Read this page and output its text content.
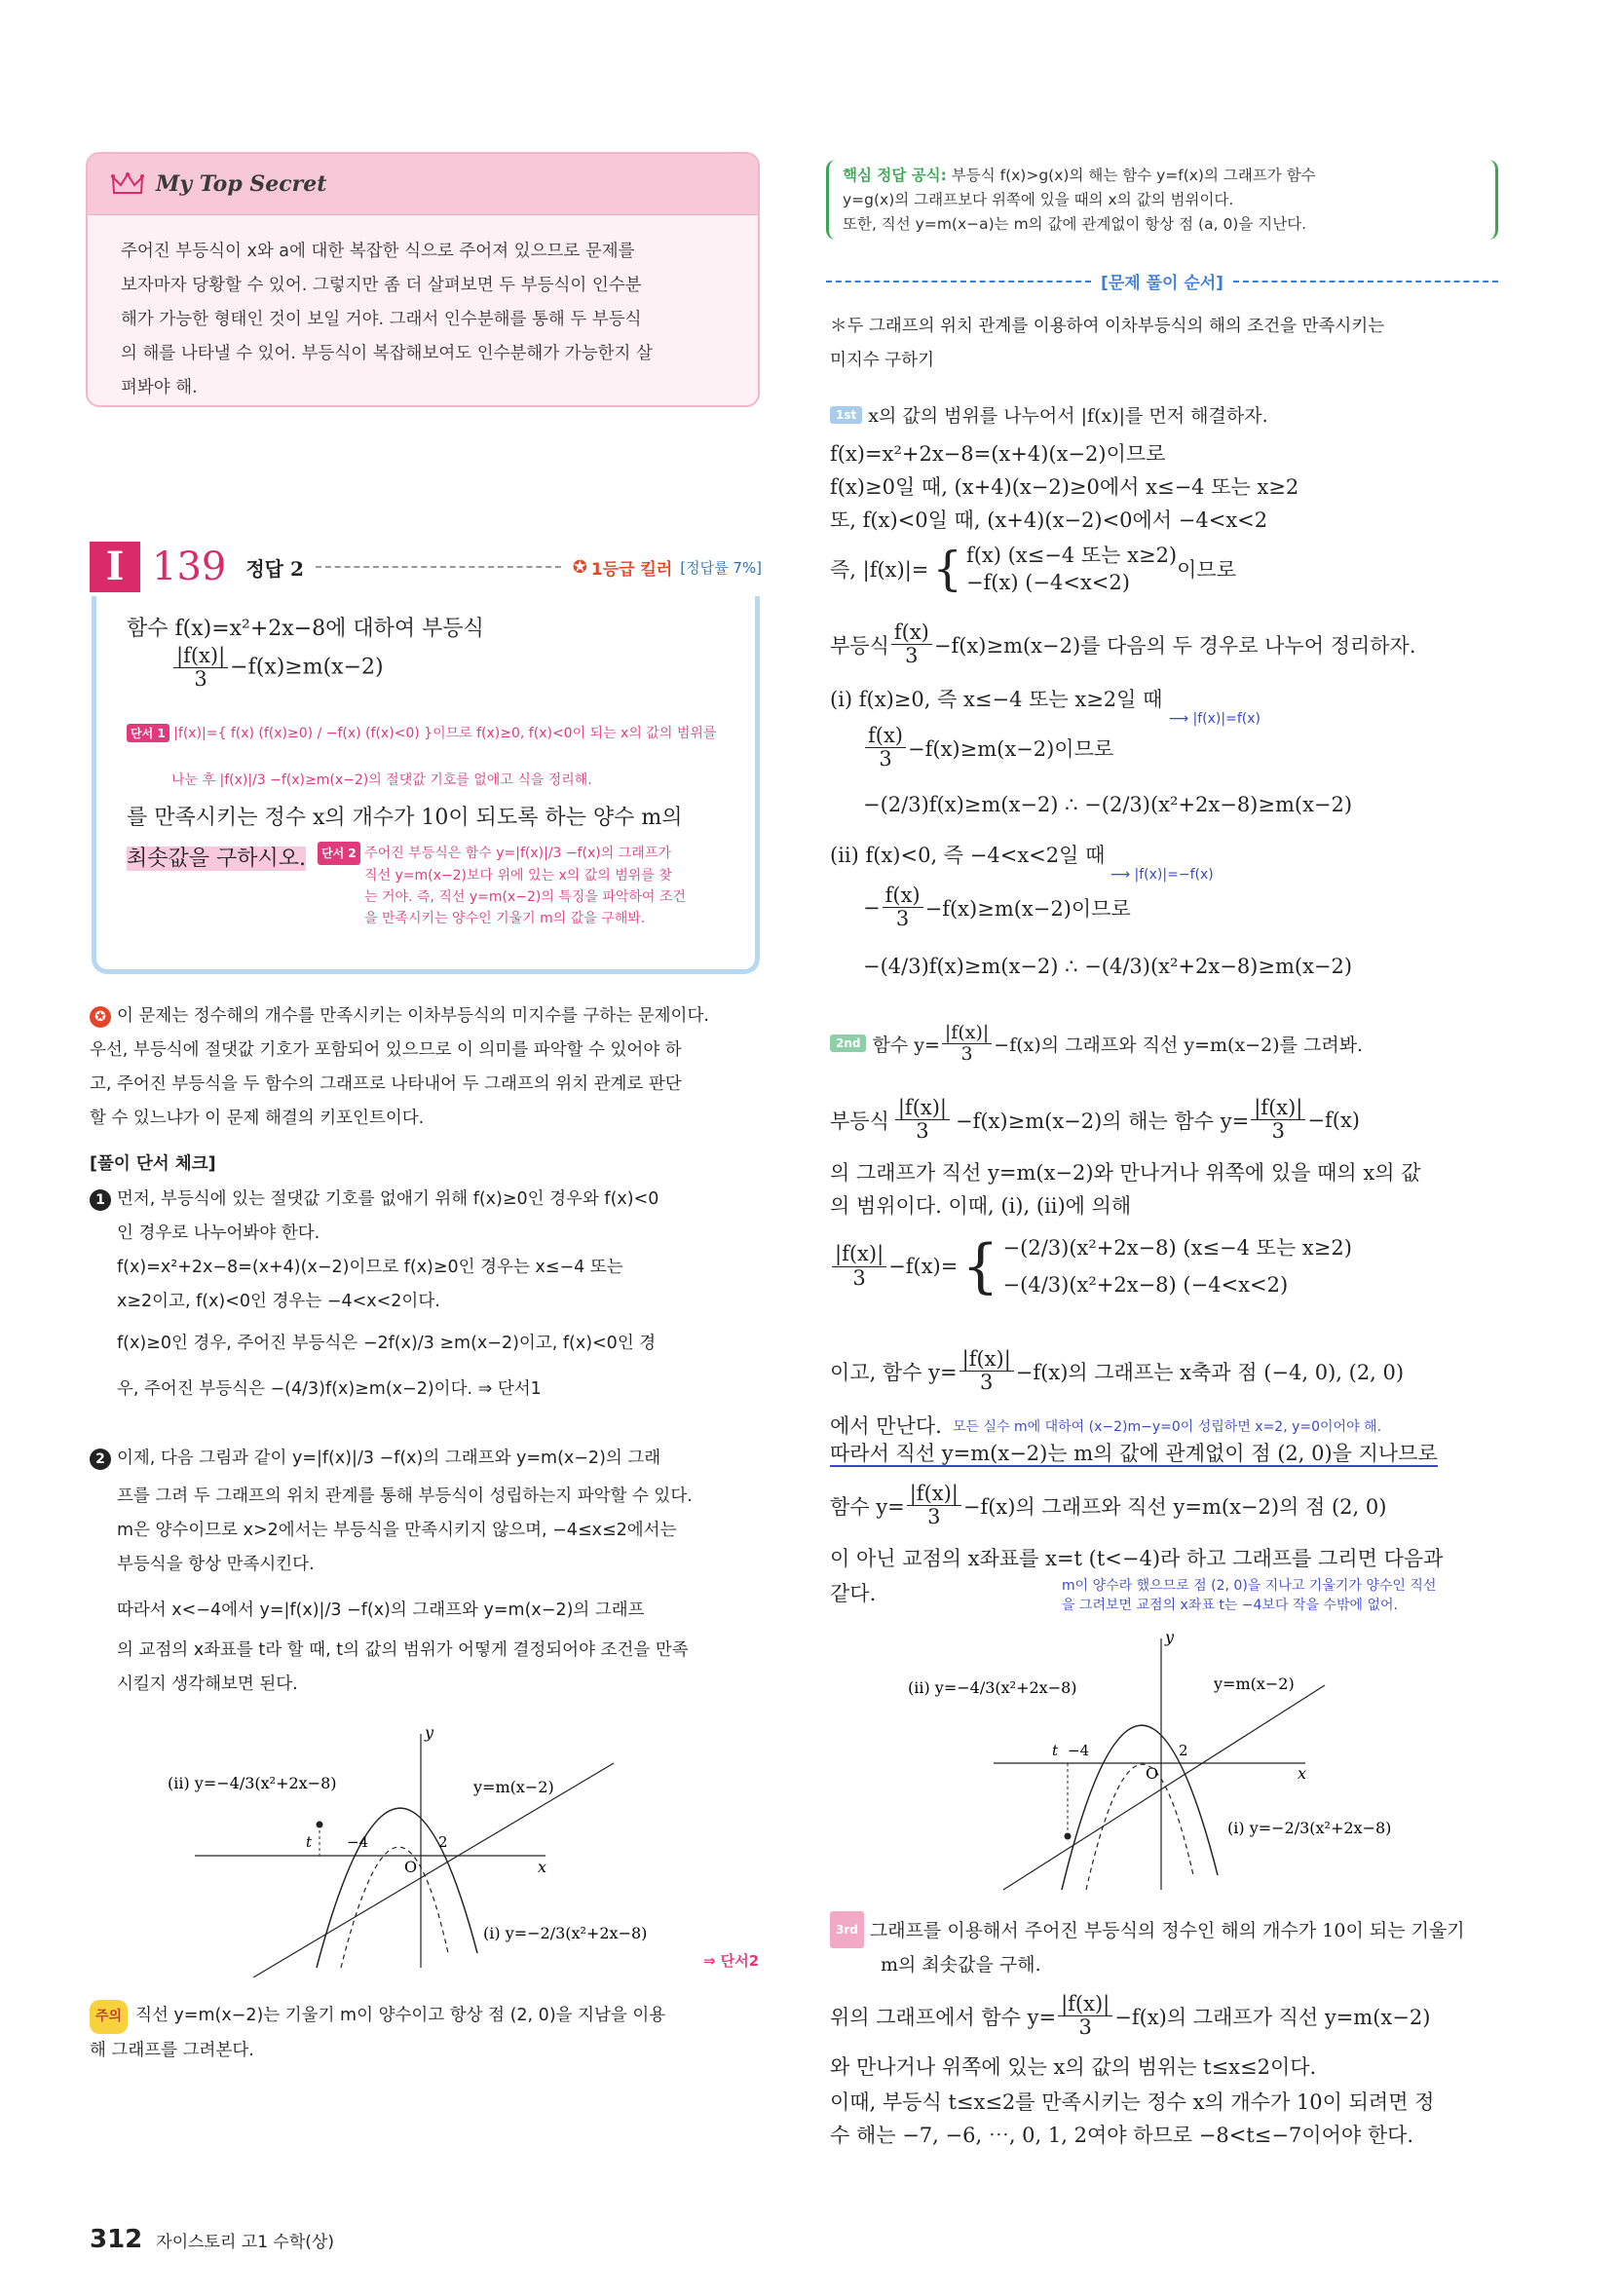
My Top Secret
주어진 부등식이 x와 a에 대한 복잡한 식으로 주어져 있으므로 문제를
보자마자 당황할 수 있어. 그렇지만 좀 더 살펴보면 두 부등식이 인수분
해가 가능한 형태인 것이 보일 거야. 그래서 인수분해를 통해 두 부등식
의 해를 나타낼 수 있어. 부등식이 복잡해보여도 인수분해가 가능한지 살
펴봐야 해.
I 139 정답 2	✪ 1등급 킬러 [정답률 7%]
함수 f(x)=x²+2x−8에 대하여 부등식
$\frac{|f(x)|}{3} -f(x)\ge m(x-2)$
단서 1 |f(x)|={ f(x) (f(x)≥0) / −f(x) (f(x)<0) }이므로 f(x)≥0, f(x)<0이 되는 x의 값의 범위를
나눈 후 |f(x)|/3 −f(x)≥m(x−2)의 절댓값 기호를 없애고 식을 정리해.
를 만족시키는 정수 x의 개수가 10이 되도록 하는 양수 m의
최솟값을 구하시오.	단서 2 주어진 부등식은 함수 y=|f(x)|/3 −f(x)의 그래프가
직선 y=m(x−2)보다 위에 있는 x의 값의 범위를 찾
는 거야. 즉, 직선 y=m(x−2)의 특징을 파악하여 조건
을 만족시키는 양수인 기울기 m의 값을 구해봐.
✪ 이 문제는 정수해의 개수를 만족시키는 이차부등식의 미지수를 구하는 문제이다.
우선, 부등식에 절댓값 기호가 포함되어 있으므로 이 의미를 파악할 수 있어야 하
고, 주어진 부등식을 두 함수의 그래프로 나타내어 두 그래프의 위치 관계로 판단
할 수 있느냐가 이 문제 해결의 키포인트이다.
[풀이 단서 체크]
1 먼저, 부등식에 있는 절댓값 기호를 없애기 위해 f(x)≥0인 경우와 f(x)<0
인 경우로 나누어봐야 한다.
f(x)=x²+2x−8=(x+4)(x−2)이므로 f(x)≥0인 경우는 x≤−4 또는
x≥2이고, f(x)<0인 경우는 −4<x<2이다.
f(x)≥0인 경우, 주어진 부등식은 −2f(x)/3 ≥m(x−2)이고, f(x)<0인 경
우, 주어진 부등식은 −(4/3)f(x)≥m(x−2)이다. ⇒ 단서1
2 이제, 다음 그림과 같이 y=|f(x)|/3 −f(x)의 그래프와 y=m(x−2)의 그래
프를 그려 두 그래프의 위치 관계를 통해 부등식이 성립하는지 파악할 수 있다.
m은 양수이므로 x>2에서는 부등식을 만족시키지 않으며, −4≤x≤2에서는
부등식을 항상 만족시킨다.
따라서 x<−4에서 y=|f(x)|/3 −f(x)의 그래프와 y=m(x−2)의 그래프
의 교점의 x좌표를 t라 할 때, t의 값의 범위가 어떻게 결정되어야 조건을 만족
시킬지 생각해보면 된다.
y
x
O
t −4	2
y=m(x−2)
(ii) y=−4/3(x²+2x−8)
(i) y=−2/3(x²+2x−8)
⇒ 단서2
주의 직선 y=m(x−2)는 기울기 m이 양수이고 항상 점 (2, 0)을 지남을 이용
해 그래프를 그려본다.
312 자이스토리 고1 수학(상)
핵심 정답 공식: 부등식 f(x)>g(x)의 해는 함수 y=f(x)의 그래프가 함수
y=g(x)의 그래프보다 위쪽에 있을 때의 x의 값의 범위이다.
또한, 직선 y=m(x−a)는 m의 값에 관계없이 항상 점 (a, 0)을 지난다.
[문제 풀이 순서]
＊두 그래프의 위치 관계를 이용하여 이차부등식의 해의 조건을 만족시키는
미지수 구하기
1st x의 값의 범위를 나누어서 |f(x)|를 먼저 해결하자.
f(x)=x²+2x−8=(x+4)(x−2)이므로
f(x)≥0일 때, (x+4)(x−2)≥0에서 x≤−4 또는 x≥2
또, f(x)<0일 때, (x+4)(x−2)<0에서 −4<x<2
즉, |f(x)|= { f(x) (x≤−4 또는 x≥2)
−f(x) (−4<x<2)
이므로
부등식 $\frac{f(x)}{3} -f(x)\ge m(x-2)$를 다음의 두 경우로 나누어 정리하자.
(i) f(x)≥0, 즉 x≤−4 또는 x≥2일 때
⟶ |f(x)|=f(x)
$\frac{f(x)}{3} -f(x)\ge m(x-2)$이므로
−(2/3)f(x)≥m(x−2) ∴ −(2/3)(x²+2x−8)≥m(x−2)
(ii) f(x)<0, 즉 −4<x<2일 때
⟶ |f(x)|=−f(x)
− $\frac{f(x)}{3} -f(x)\ge m(x-2)$이므로
−(4/3)f(x)≥m(x−2) ∴ −(4/3)(x²+2x−8)≥m(x−2)
2nd 함수 $y= \frac{|f(x)|}{3} -f(x)$의 그래프와 직선 y=m(x−2)를 그려봐.
부등식 $\frac{|f(x)|}{3} -f(x)\ge m(x-2)$의 해는 함수 $y= \frac{|f(x)|}{3} -f(x)$
의 그래프가 직선 y=m(x−2)와 만나거나 위쪽에 있을 때의 x의 값
의 범위이다. 이때, (i), (ii)에 의해
$\frac{|f(x)|}{3} -f(x)=$ { −(2/3)(x²+2x−8) (x≤−4 또는 x≥2)
−(4/3)(x²+2x−8) (−4<x<2)
이고, 함수 $y= \frac{|f(x)|}{3} -f(x)$의 그래프는 x축과 점 (−4, 0), (2, 0)
에서 만난다. 모든 실수 m에 대하여 (x−2)m−y=0이 성립하면 x=2, y=0이어야 해.
따라서 직선 y=m(x−2)는 m의 값에 관계없이 점 (2, 0)을 지나므로
함수 $y= \frac{|f(x)|}{3} -f(x)$의 그래프와 직선 y=m(x−2)의 점 (2, 0)
이 아닌 교점의 x좌표를 x=t (t<−4)라 하고 그래프를 그리면 다음과
같다.	m이 양수라 했으므로 점 (2, 0)을 지나고 기울기가 양수인 직선
을 그려보면 교점의 x좌표 t는 −4보다 작을 수밖에 없어.
y
x
O
t −4	2
y=m(x−2)
(ii) y=−4/3(x²+2x−8)
(i) y=−2/3(x²+2x−8)
3rd 그래프를 이용해서 주어진 부등식의 정수인 해의 개수가 10이 되는 기울기
m의 최솟값을 구해.
위의 그래프에서 함수 $y= \frac{|f(x)|}{3} -f(x)$의 그래프가 직선 y=m(x−2)
와 만나거나 위쪽에 있는 x의 값의 범위는 t≤x≤2이다.
이때, 부등식 t≤x≤2를 만족시키는 정수 x의 개수가 10이 되려면 정
수 해는 −7, −6, ⋯, 0, 1, 2여야 하므로 −8<t≤−7이어야 한다.
